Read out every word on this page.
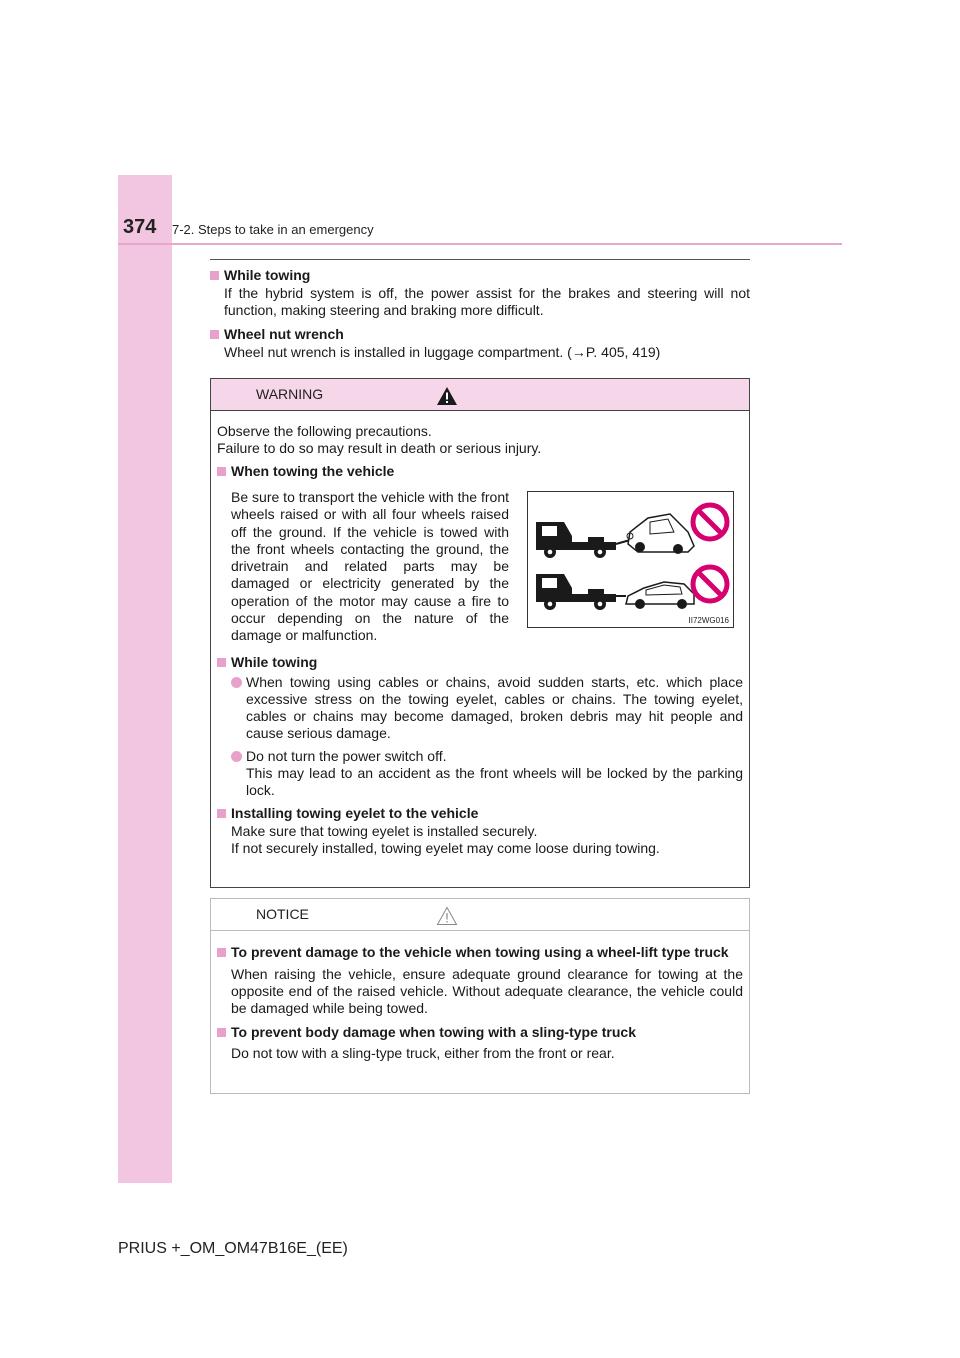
374 7-2. Steps to take in an emergency
While towing
If the hybrid system is off, the power assist for the brakes and steering will not function, making steering and braking more difficult.
Wheel nut wrench
Wheel nut wrench is installed in luggage compartment. (→P. 405, 419)
WARNING
Observe the following precautions.
Failure to do so may result in death or serious injury.
When towing the vehicle
Be sure to transport the vehicle with the front wheels raised or with all four wheels raised off the ground. If the vehicle is towed with the front wheels contacting the ground, the drivetrain and related parts may be damaged or electricity generated by the operation of the motor may cause a fire to occur depending on the nature of the damage or malfunction.
While towing
When towing using cables or chains, avoid sudden starts, etc. which place excessive stress on the towing eyelet, cables or chains. The towing eyelet, cables or chains may become damaged, broken debris may hit people and cause serious damage.
Do not turn the power switch off.
This may lead to an accident as the front wheels will be locked by the parking lock.
Installing towing eyelet to the vehicle
Make sure that towing eyelet is installed securely.
If not securely installed, towing eyelet may come loose during towing.
II72WG016
NOTICE
To prevent damage to the vehicle when towing using a wheel-lift type truck
When raising the vehicle, ensure adequate ground clearance for towing at the opposite end of the raised vehicle. Without adequate clearance, the vehicle could be damaged while being towed.
To prevent body damage when towing with a sling-type truck
Do not tow with a sling-type truck, either from the front or rear.
PRIUS +_OM_OM47B16E_(EE)
